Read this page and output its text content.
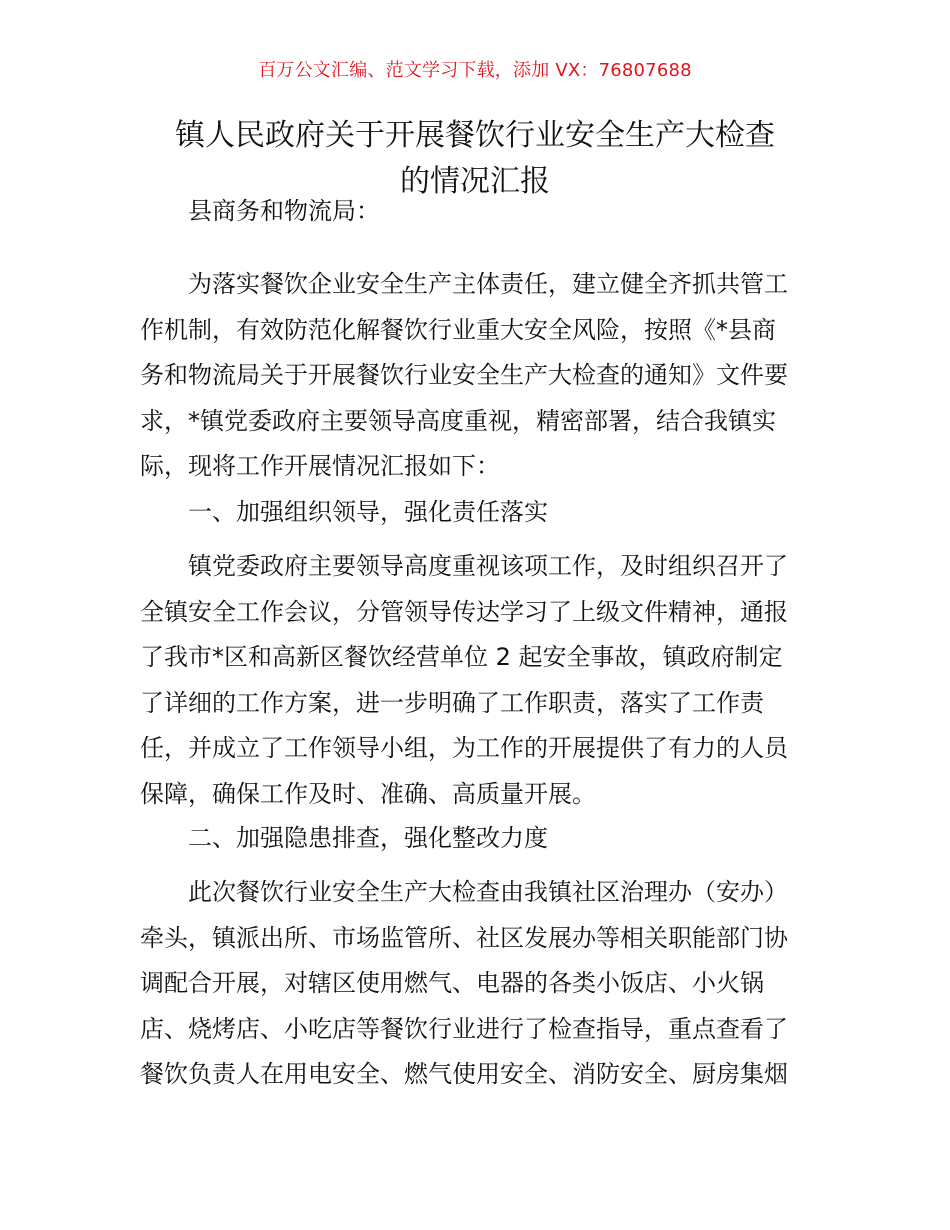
百万公文汇编、范文学习下载，添加 VX：76807688
镇人民政府关于开展餐饮行业安全生产大检查
的情况汇报
县商务和物流局：
为落实餐饮企业安全生产主体责任，建立健全齐抓共管工
作机制，有效防范化解餐饮行业重大安全风险，按照《*县商
务和物流局关于开展餐饮行业安全生产大检查的通知》文件要
求，*镇党委政府主要领导高度重视，精密部署，结合我镇实
际，现将工作开展情况汇报如下：
一、加强组织领导，强化责任落实
镇党委政府主要领导高度重视该项工作，及时组织召开了
全镇安全工作会议，分管领导传达学习了上级文件精神，通报
了我市*区和高新区餐饮经营单位 2 起安全事故，镇政府制定
了详细的工作方案，进一步明确了工作职责，落实了工作责
任，并成立了工作领导小组，为工作的开展提供了有力的人员
保障，确保工作及时、准确、高质量开展。
二、加强隐患排查，强化整改力度
此次餐饮行业安全生产大检查由我镇社区治理办（安办）
牵头，镇派出所、市场监管所、社区发展办等相关职能部门协
调配合开展，对辖区使用燃气、电器的各类小饭店、小火锅
店、烧烤店、小吃店等餐饮行业进行了检查指导，重点查看了
餐饮负责人在用电安全、燃气使用安全、消防安全、厨房集烟
